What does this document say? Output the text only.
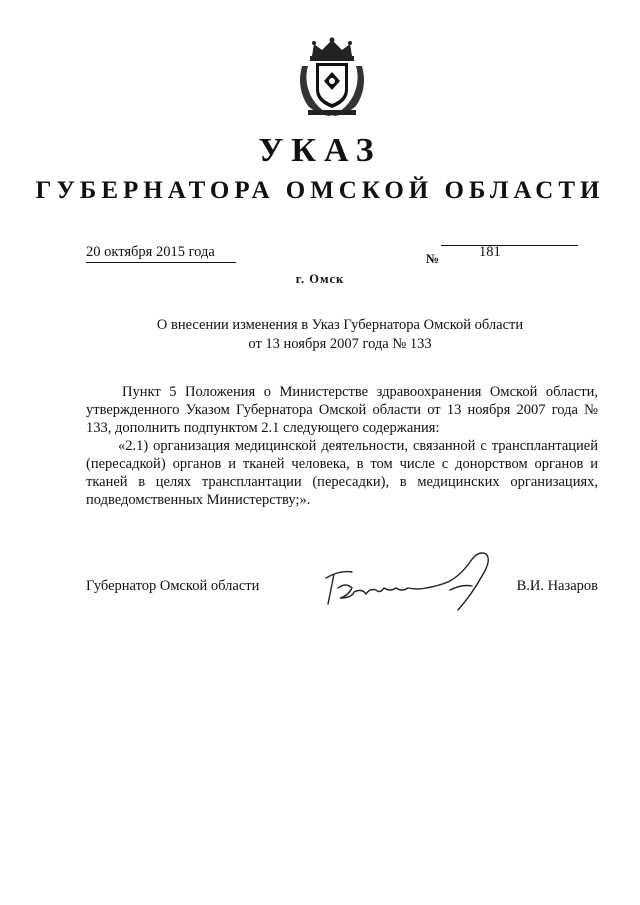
УКАЗ
ГУБЕРНАТОРА ОМСКОЙ ОБЛАСТИ
20 октября 2015 года	№	181
г. Омск
О внесении изменения в Указ Губернатора Омской области
от 13 ноября 2007 года № 133

Пункт 5 Положения о Министерстве здравоохранения Омской области, утвержденного Указом Губернатора Омской области от 13 ноября 2007 года № 133, дополнить подпунктом 2.1 следующего содержания:

«2.1) организация медицинской деятельности, связанной с трансплантацией (пересадкой) органов и тканей человека, в том числе с донорством органов и тканей в целях трансплантации (пересадки), в медицинских организациях, подведомственных Министерству;».

Губернатор Омской области	В.И. Назаров
